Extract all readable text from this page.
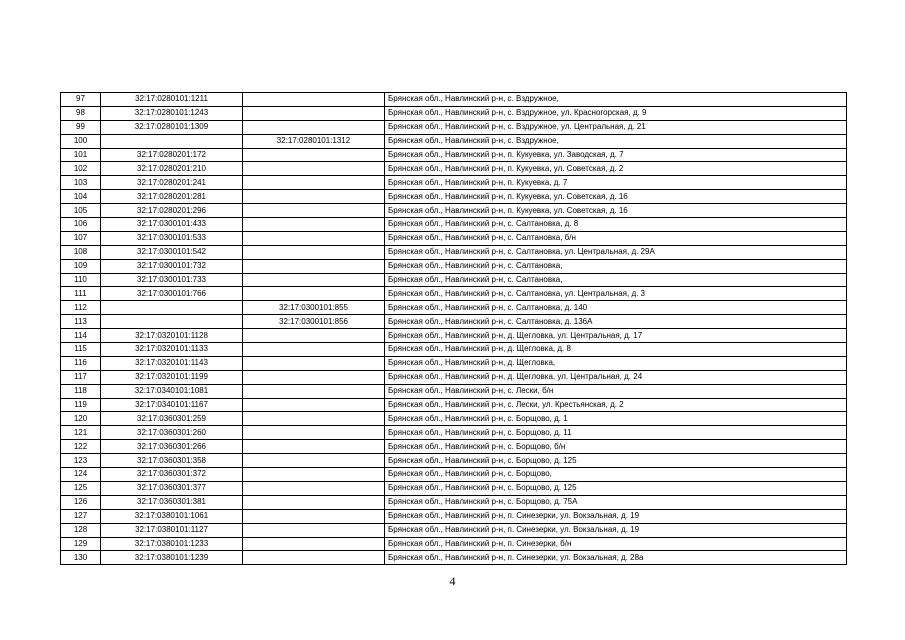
97	32:17:0280101:1211		Брянская обл., Навлинский р-н, с. Вздружное,
98	32:17:0280101:1243		Брянская обл., Навлинский р-н, с. Вздружное, ул. Красногорская, д. 9
99	32:17:0280101:1309		Брянская обл., Навлинский р-н, с. Вздружное, ул. Центральная, д. 21
100		32:17:0280101:1312	Брянская обл., Навлинский р-н, с. Вздружное,
101	32:17:0280201:172		Брянская обл., Навлинский р-н, п. Кукуевка, ул. Заводская, д. 7
102	32:17:0280201:210		Брянская обл., Навлинский р-н, п. Кукуевка, ул. Советская, д. 2
103	32:17:0280201:241		Брянская обл., Навлинский р-н, п. Кукуевка, д. 7
104	32:17:0280201:281		Брянская обл., Навлинский р-н, п. Кукуевка, ул. Советская, д. 16
105	32:17:0280201:296		Брянская обл., Навлинский р-н, п. Кукуевка, ул. Советская, д. 16
106	32:17:0300101:433		Брянская обл., Навлинский р-н, с. Салтановка, д. 8
107	32:17:0300101:533		Брянская обл., Навлинский р-н, с. Салтановка, б/н
108	32:17:0300101:542		Брянская обл., Навлинский р-н, с. Салтановка, ул. Центральная, д. 29А
109	32:17:0300101:732		Брянская обл., Навлинский р-н, с. Салтановка,
110	32:17:0300101:733		Брянская обл., Навлинский р-н, с. Салтановка,
111	32:17:0300101:766		Брянская обл., Навлинский р-н, с. Салтановка, ул. Центральная, д. 3
112		32:17:0300101:855	Брянская обл., Навлинский р-н, с. Салтановка, д. 140
113		32:17:0300101:856	Брянская обл., Навлинский р-н, с. Салтановка, д. 136А
114	32:17:0320101:1128		Брянская обл., Навлинский р-н, д. Щегловка, ул. Центральная, д. 17
115	32:17:0320101:1133		Брянская обл., Навлинский р-н, д. Щегловка, д. 8
116	32:17:0320101:1143		Брянская обл., Навлинский р-н, д. Щегловка,
117	32:17:0320101:1199		Брянская обл., Навлинский р-н, д. Щегловка, ул. Центральная, д. 24
118	32:17:0340101:1081		Брянская обл., Навлинский р-н, с. Лески, б/н
119	32:17:0340101:1167		Брянская обл., Навлинский р-н, с. Лески, ул. Крестьянская, д. 2
120	32:17:0360301:259		Брянская обл., Навлинский р-н, с. Борщово, д. 1
121	32:17:0360301:260		Брянская обл., Навлинский р-н, с. Борщово, д. 11
122	32:17:0360301:266		Брянская обл., Навлинский р-н, с. Борщово, б/н
123	32:17:0360301:358		Брянская обл., Навлинский р-н, с. Борщово, д. 125
124	32:17:0360301:372		Брянская обл., Навлинский р-н, с. Борщово,
125	32:17:0360301:377		Брянская обл., Навлинский р-н, с. Борщово, д. 125
126	32:17:0360301:381		Брянская обл., Навлинский р-н, с. Борщово, д. 75А
127	32:17:0380101:1061		Брянская обл., Навлинский р-н, п. Синезерки, ул. Вокзальная, д. 19
128	32:17:0380101:1127		Брянская обл., Навлинский р-н, п. Синезерки, ул. Вокзальная, д. 19
129	32:17:0380101:1233		Брянская обл., Навлинский р-н, п. Синезерки, б/н
130	32:17:0380101:1239		Брянская обл., Навлинский р-н, п. Синезерки, ул. Вокзальная, д. 28а
4
